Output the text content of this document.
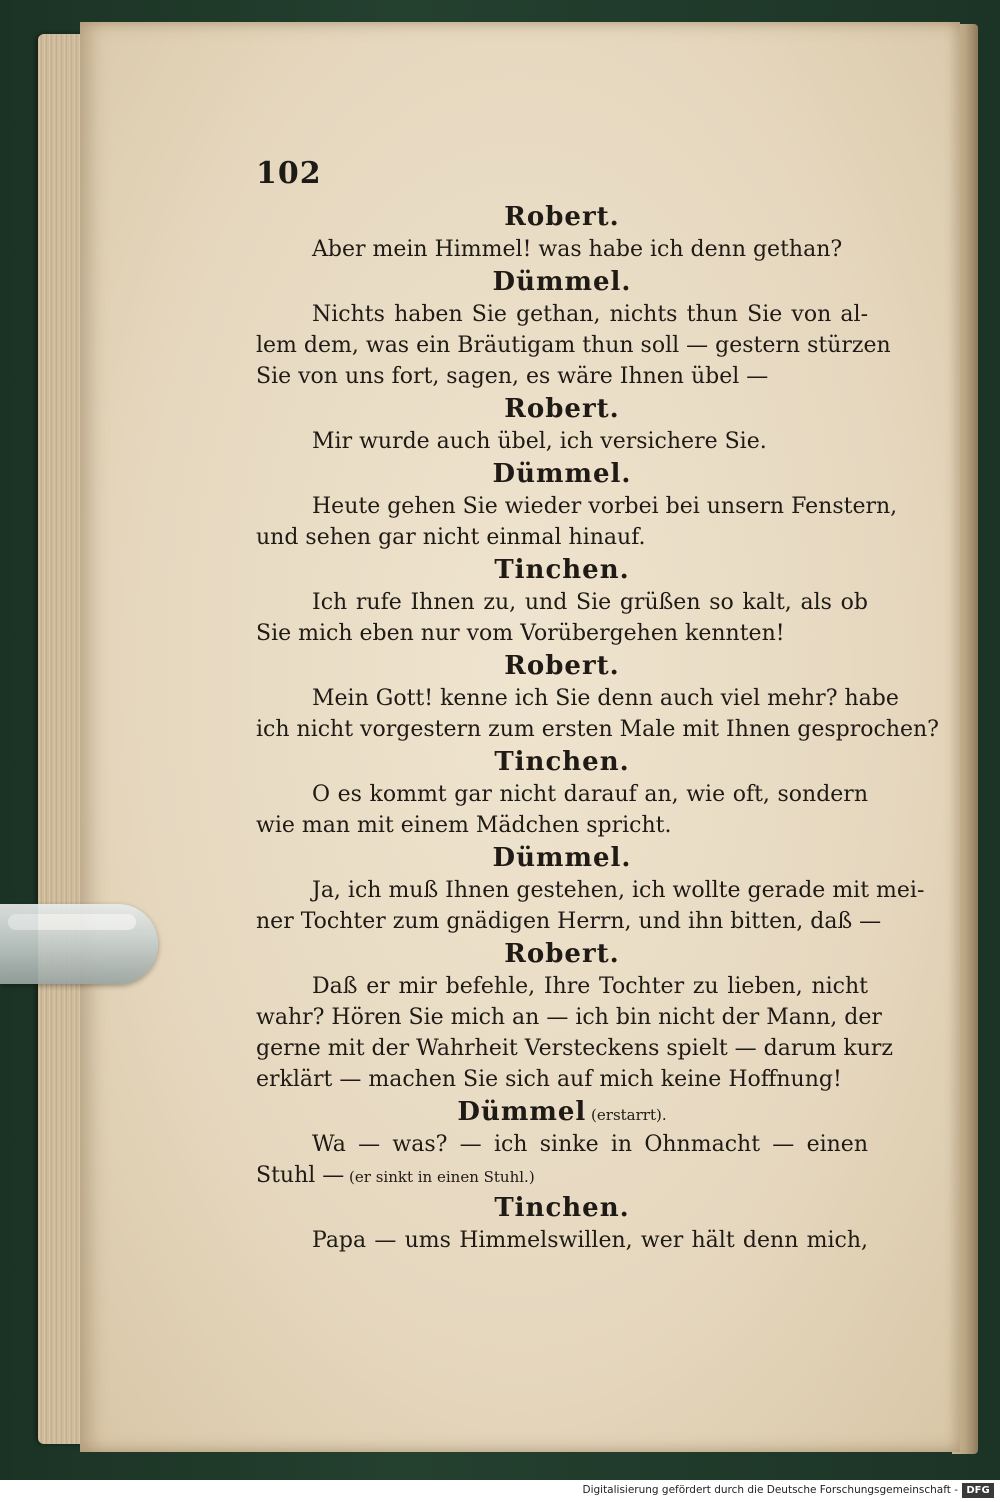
102
Robert.
Aber mein Himmel! was habe ich denn gethan?
Dümmel.
Nichts haben Sie gethan, nichts thun Sie von al-
lem dem, was ein Bräutigam thun soll — gestern stürzen
Sie von uns fort, sagen, es wäre Ihnen übel —
Robert.
Mir wurde auch übel, ich versichere Sie.
Dümmel.
Heute gehen Sie wieder vorbei bei unsern Fenstern,
und sehen gar nicht einmal hinauf.
Tinchen.
Ich rufe Ihnen zu, und Sie grüßen so kalt, als ob
Sie mich eben nur vom Vorübergehen kennten!
Robert.
Mein Gott! kenne ich Sie denn auch viel mehr? habe
ich nicht vorgestern zum ersten Male mit Ihnen gesprochen?
Tinchen.
O es kommt gar nicht darauf an, wie oft, sondern
wie man mit einem Mädchen spricht.
Dümmel.
Ja, ich muß Ihnen gestehen, ich wollte gerade mit mei-
ner Tochter zum gnädigen Herrn, und ihn bitten, daß —
Robert.
Daß er mir befehle, Ihre Tochter zu lieben, nicht
wahr? Hören Sie mich an — ich bin nicht der Mann, der
gerne mit der Wahrheit Versteckens spielt — darum kurz
erklärt — machen Sie sich auf mich keine Hoffnung!
Dümmel (erstarrt).
Wa — was? — ich sinke in Ohnmacht — einen
Stuhl — (er sinkt in einen Stuhl.)
Tinchen.
Papa — ums Himmelswillen, wer hält denn mich,
Digitalisierung gefördert durch die Deutsche Forschungsgemeinschaft - DFG
